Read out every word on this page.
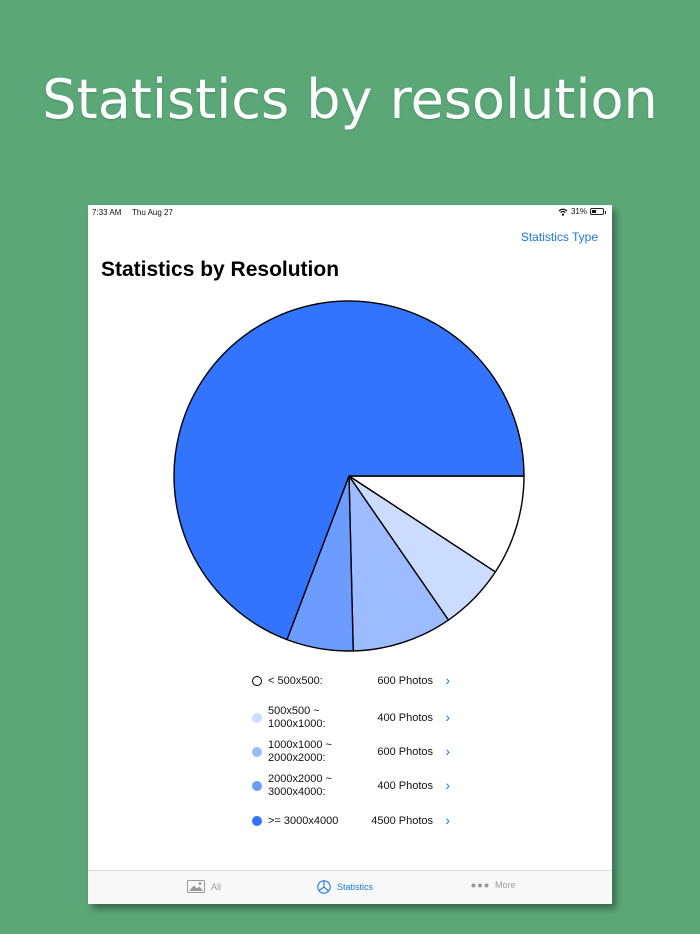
Statistics by resolution
7:33 AM Thu Aug 27	31%
Statistics Type
Statistics by Resolution
< 500x500:	600 Photos ›
500x500 ~
1000x1000:	400 Photos ›
1000x1000 ~
2000x2000:	600 Photos ›
2000x2000 ~
3000x4000:	400 Photos ›
>= 3000x4000	4500 Photos ›
All	Statistics	More
